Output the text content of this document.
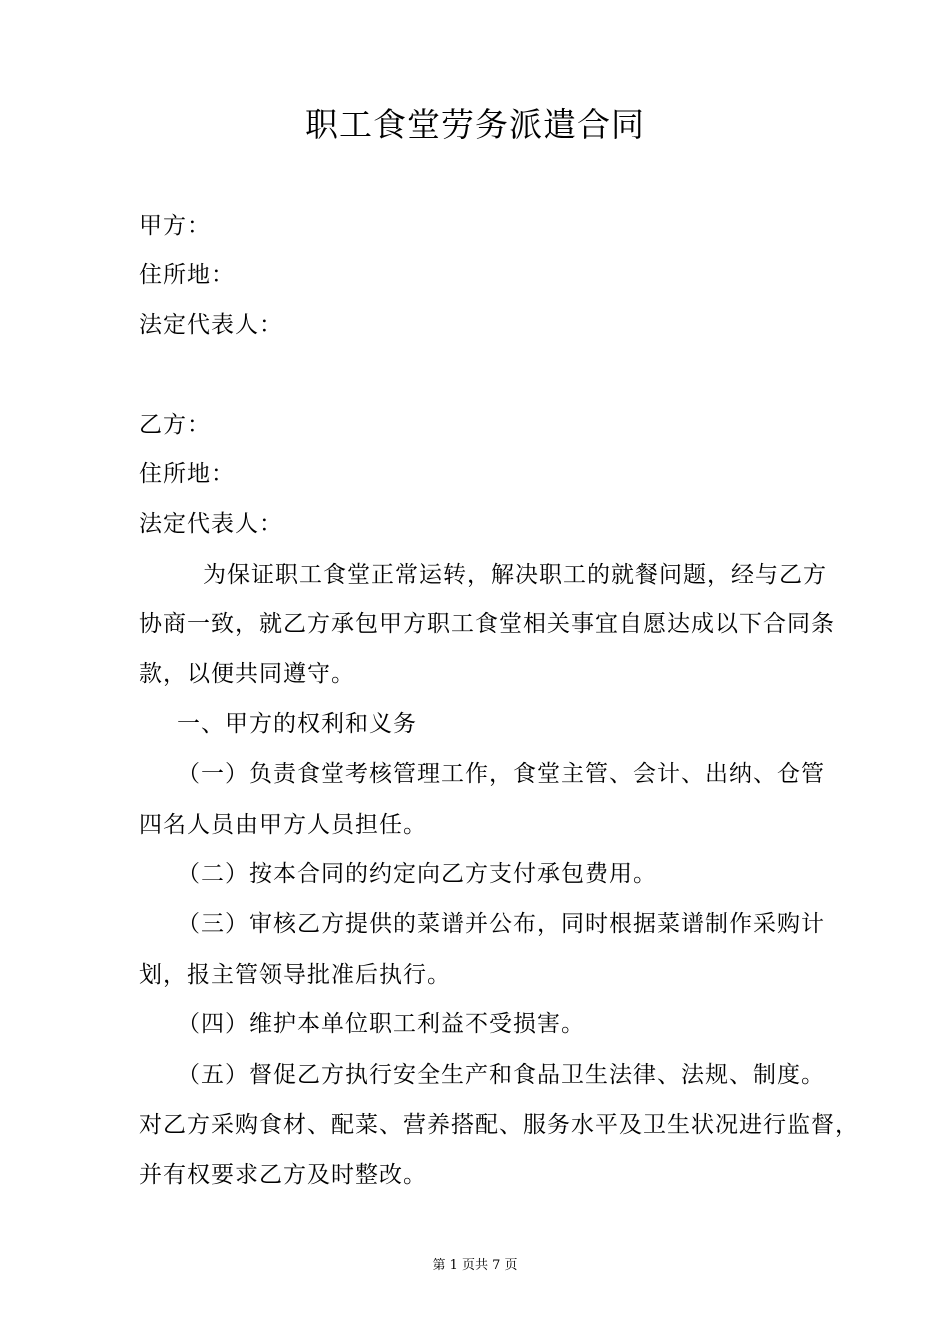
职工食堂劳务派遣合同
甲方：
住所地：
法定代表人：
乙方：
住所地：
法定代表人：
为保证职工食堂正常运转，解决职工的就餐问题，经与乙方
协商一致，就乙方承包甲方职工食堂相关事宜自愿达成以下合同条
款，以便共同遵守。
一、甲方的权利和义务
（一）负责食堂考核管理工作，食堂主管、会计、出纳、仓管
四名人员由甲方人员担任。
（二）按本合同的约定向乙方支付承包费用。
（三）审核乙方提供的菜谱并公布，同时根据菜谱制作采购计
划，报主管领导批准后执行。
（四）维护本单位职工利益不受损害。
（五）督促乙方执行安全生产和食品卫生法律、法规、制度。
对乙方采购食材、配菜、营养搭配、服务水平及卫生状况进行监督，
并有权要求乙方及时整改。
第 1 页共 7 页
